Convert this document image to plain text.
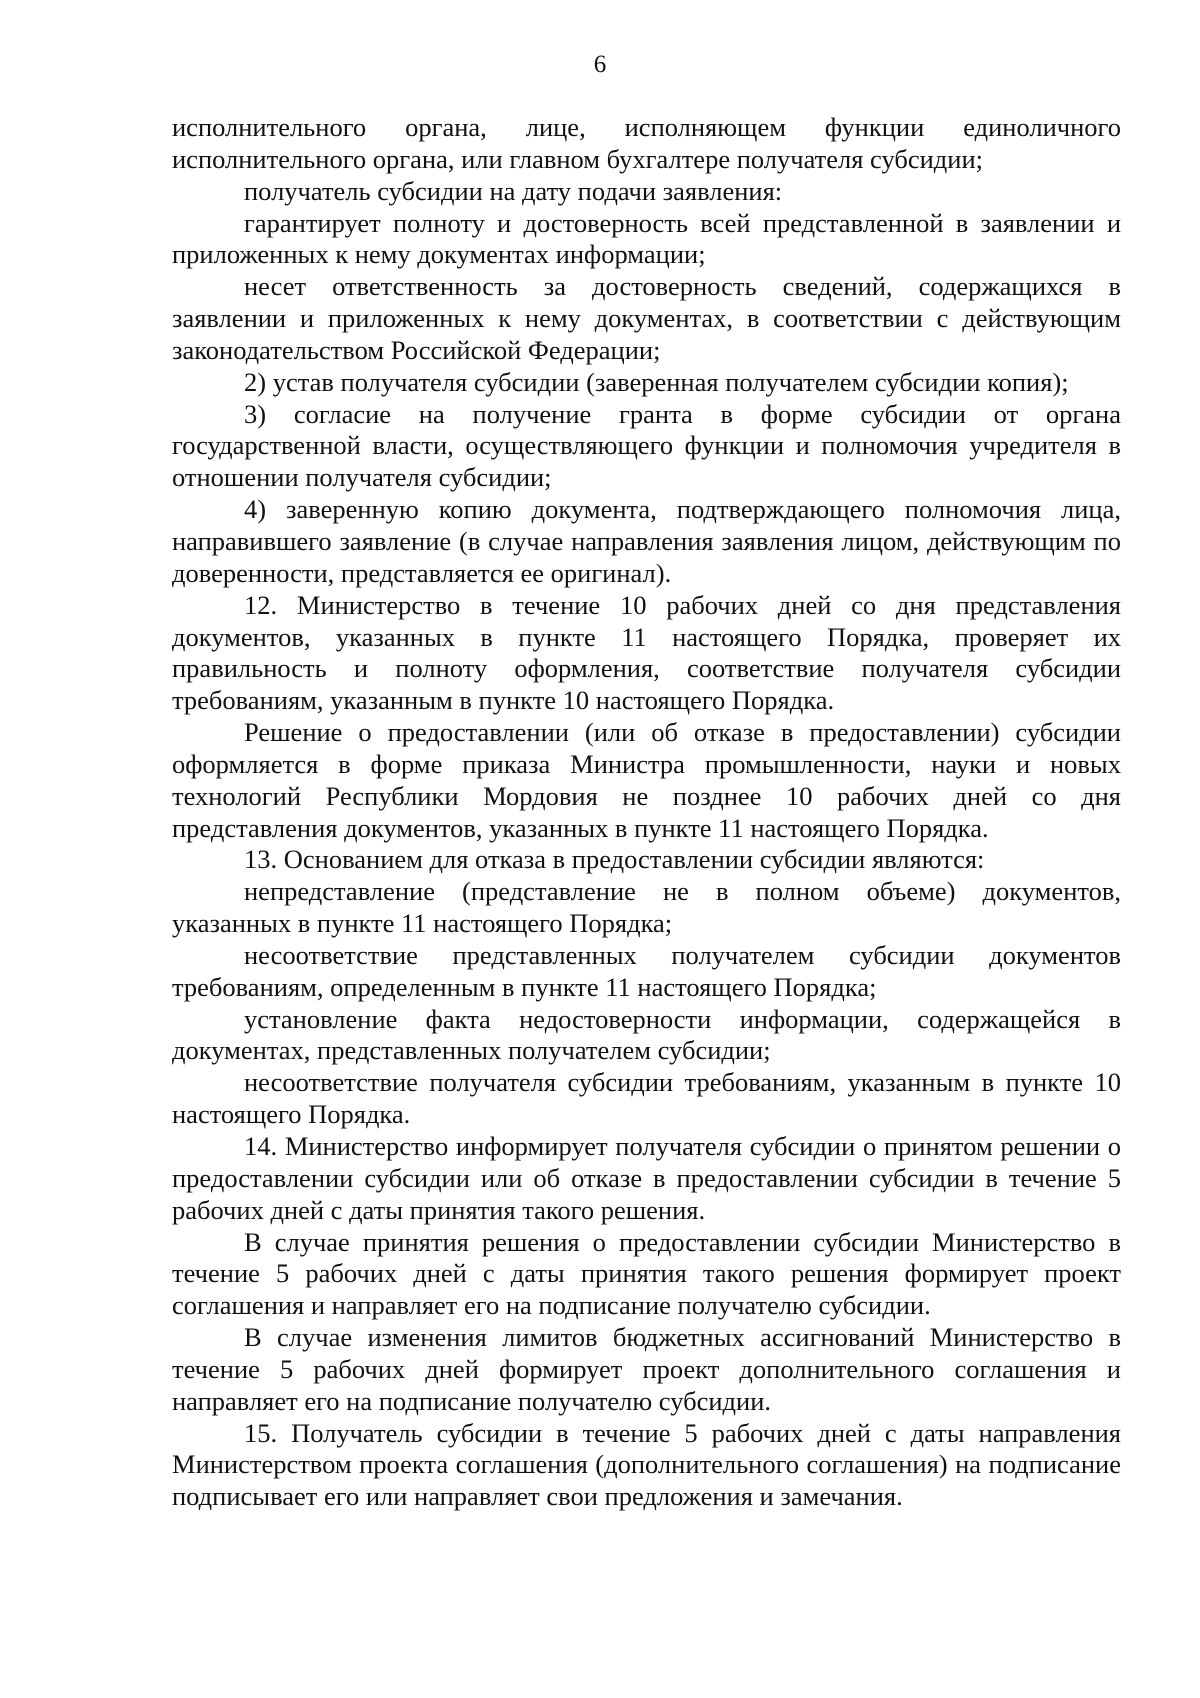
6

исполнительного органа, лице, исполняющем функции единоличного исполнительного органа, или главном бухгалтере получателя субсидии;

получатель субсидии на дату подачи заявления:

гарантирует полноту и достоверность всей представленной в заявлении и приложенных к нему документах информации;

несет ответственность за достоверность сведений, содержащихся в заявлении и приложенных к нему документах, в соответствии с действующим законодательством Российской Федерации;

2) устав получателя субсидии (заверенная получателем субсидии копия);

3) согласие на получение гранта в форме субсидии от органа государственной власти, осуществляющего функции и полномочия учредителя в отношении получателя субсидии;

4) заверенную копию документа, подтверждающего полномочия лица, направившего заявление (в случае направления заявления лицом, действующим по доверенности, представляется ее оригинал).

12. Министерство в течение 10 рабочих дней со дня представления документов, указанных в пункте 11 настоящего Порядка, проверяет их правильность и полноту оформления, соответствие получателя субсидии требованиям, указанным в пункте 10 настоящего Порядка.

Решение о предоставлении (или об отказе в предоставлении) субсидии оформляется в форме приказа Министра промышленности, науки и новых технологий Республики Мордовия не позднее 10 рабочих дней со дня представления документов, указанных в пункте 11 настоящего Порядка.

13. Основанием для отказа в предоставлении субсидии являются:

непредставление (представление не в полном объеме) документов, указанных в пункте 11 настоящего Порядка;

несоответствие представленных получателем субсидии документов требованиям, определенным в пункте 11 настоящего Порядка;

установление факта недостоверности информации, содержащейся в документах, представленных получателем субсидии;

несоответствие получателя субсидии требованиям, указанным в пункте 10 настоящего Порядка.

14. Министерство информирует получателя субсидии о принятом решении о предоставлении субсидии или об отказе в предоставлении субсидии в течение 5 рабочих дней с даты принятия такого решения.

В случае принятия решения о предоставлении субсидии Министерство в течение 5 рабочих дней с даты принятия такого решения формирует проект соглашения и направляет его на подписание получателю субсидии.

В случае изменения лимитов бюджетных ассигнований Министерство в течение 5 рабочих дней формирует проект дополнительного соглашения и направляет его на подписание получателю субсидии.

15. Получатель субсидии в течение 5 рабочих дней с даты направления Министерством проекта соглашения (дополнительного соглашения) на подписание подписывает его или направляет свои предложения и замечания.
